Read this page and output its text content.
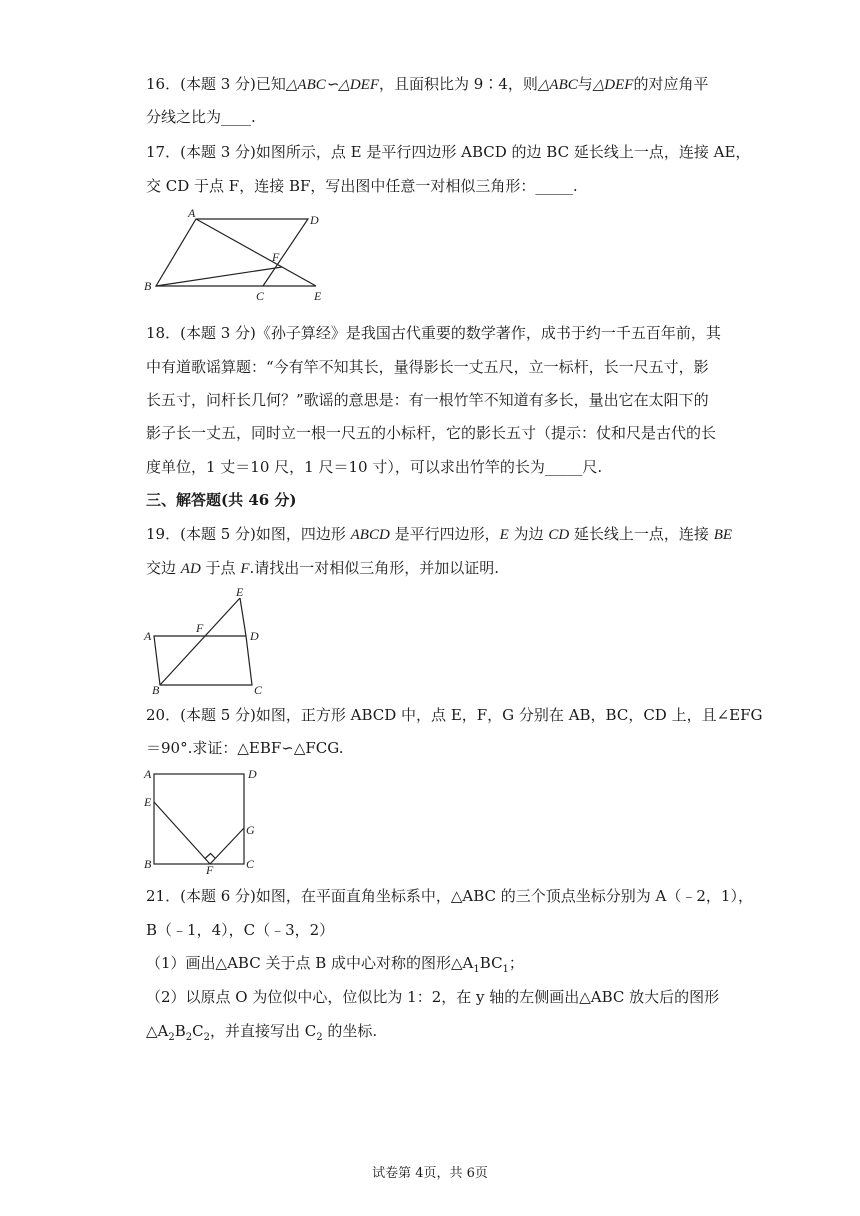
16．(本题 3 分)已知△ABC∽△DEF，且面积比为 9∶4，则△ABC与△DEF的对应角平
分线之比为____.
17．(本题 3 分)如图所示，点 E 是平行四边形 ABCD 的边 BC 延长线上一点，连接 AE，
交 CD 于点 F，连接 BF，写出图中任意一对相似三角形：_____.
A	D
F
B
C	E
18．(本题 3 分)《孙子算经》是我国古代重要的数学著作，成书于约一千五百年前，其
中有道歌谣算题：“今有竿不知其长，量得影长一丈五尺，立一标杆，长一尺五寸，影
长五寸，问杆长几何？”歌谣的意思是：有一根竹竿不知道有多长，量出它在太阳下的
影子长一丈五，同时立一根一尺五的小标杆，它的影长五寸（提示：仗和尺是古代的长
度单位，1 丈＝10 尺，1 尺＝10 寸），可以求出竹竿的长为_____尺.
三、解答题(共 46 分)
19．(本题 5 分)如图，四边形 ABCD 是平行四边形，E 为边 CD 延长线上一点，连接 BE
交边 AD 于点 F.请找出一对相似三角形，并加以证明.
E
F
A	D
B	C
20．(本题 5 分)如图，正方形 ABCD 中，点 E，F，G 分别在 AB，BC，CD 上，且∠EFG
＝90°.求证：△EBF∽△FCG.
A	D
E
G
B	F	C
21．(本题 6 分)如图，在平面直角坐标系中，△ABC 的三个顶点坐标分别为 A（﹣2，1），
B（﹣1，4），C（﹣3，2）
（1）画出△ABC 关于点 B 成中心对称的图形$\triangle A_1BC_1$；
（2）以原点 O 为位似中心，位似比为 1：2，在 y 轴的左侧画出△ABC 放大后的图形
$\triangle A_2B_2C_2$，并直接写出 $C_2$ 的坐标.
试卷第 4页，共 6页
